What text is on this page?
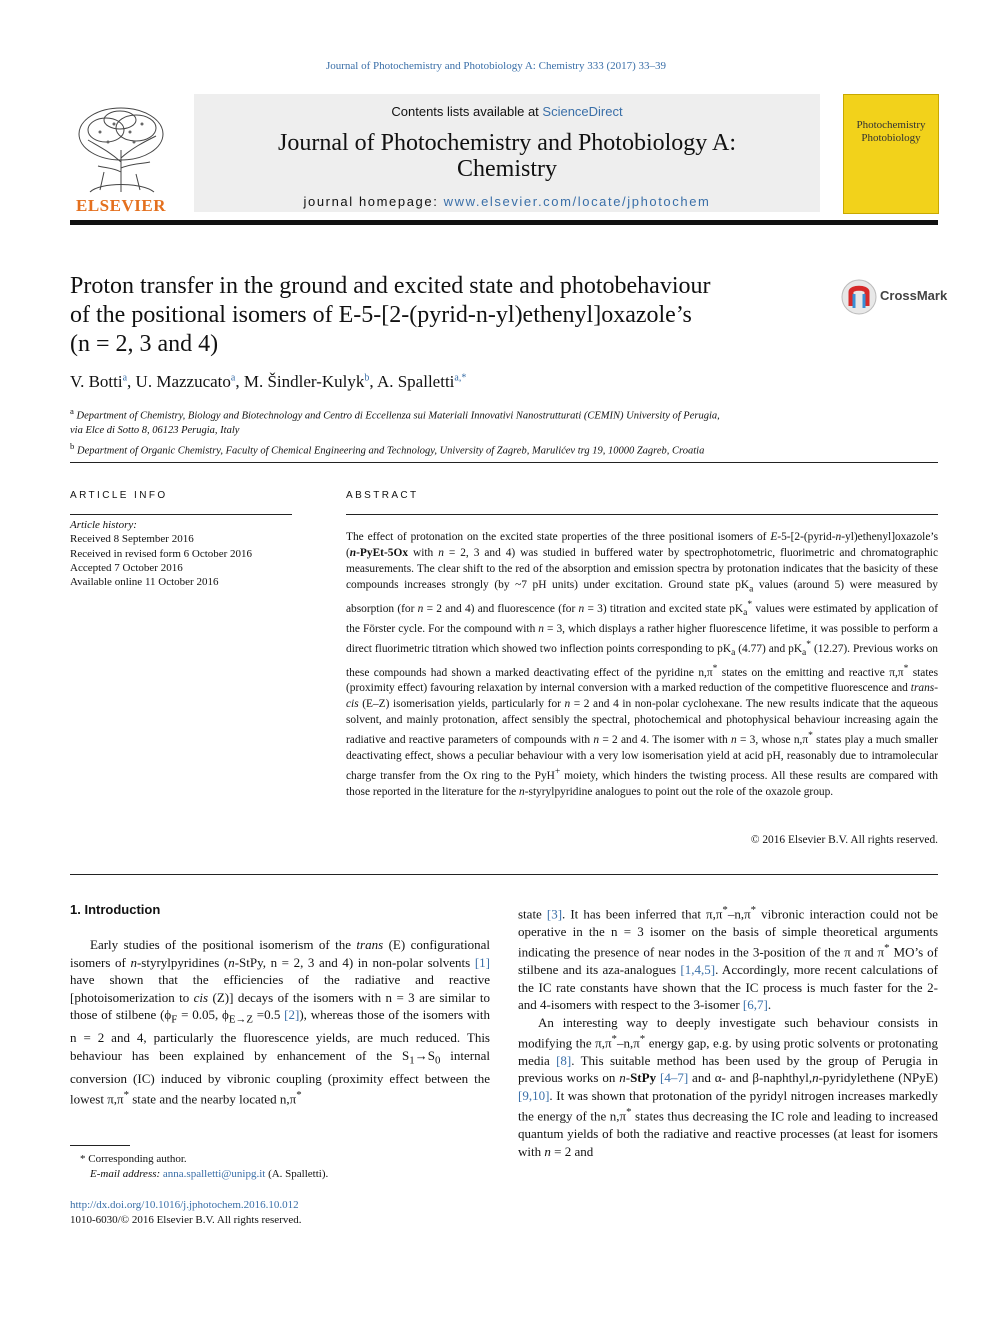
Journal of Photochemistry and Photobiology A: Chemistry 333 (2017) 33–39
ELSEVIER
Contents lists available at ScienceDirect
Journal of Photochemistry and Photobiology A:
Chemistry
journal homepage: www.elsevier.com/locate/jphotochem
Photochemistry
Photobiology
Proton transfer in the ground and excited state and photobehaviour
of the positional isomers of E-5-[2-(pyrid-n-yl)ethenyl]oxazole’s
(n = 2, 3 and 4)
CrossMark
V. Botti$^a$, U. Mazzucato$^a$, M. Šindler-Kulyk$^b$, A. Spalletti$^{a,*}$
$^a$ Department of Chemistry, Biology and Biotechnology and Centro di Eccellenza sui Materiali Innovativi Nanostrutturati (CEMIN) University of Perugia,
via Elce di Sotto 8, 06123 Perugia, Italy
$^b$ Department of Organic Chemistry, Faculty of Chemical Engineering and Technology, University of Zagreb, Marulićev trg 19, 10000 Zagreb, Croatia
ARTICLE INFO
Article history:
Received 8 September 2016
Received in revised form 6 October 2016
Accepted 7 October 2016
Available online 11 October 2016
ABSTRACT
The effect of protonation on the excited state properties of the three positional isomers of E-5-[2-(pyrid-n-yl)ethenyl]oxazole’s (n-PyEt-5Ox with n = 2, 3 and 4) was studied in buffered water by spectrophotometric, fluorimetric and chromatographic measurements. The clear shift to the red of the absorption and emission spectra by protonation indicates that the basicity of these compounds increases strongly (by ~7 pH units) under excitation. Ground state $pK_a$ values (around 5) were measured by absorption (for n = 2 and 4) and fluorescence (for n = 3) titration and excited state $pK_a^*$ values were estimated by application of the Förster cycle. For the compound with n = 3, which displays a rather higher fluorescence lifetime, it was possible to perform a direct fluorimetric titration which showed two inflection points corresponding to $pK_a$ (4.77) and $pK_a^*$ (12.27). Previous works on these compounds had shown a marked deactivating effect of the pyridine n,π* states on the emitting and reactive π,π* states (proximity effect) favouring relaxation by internal conversion with a marked reduction of the competitive fluorescence and trans-cis (E–Z) isomerisation yields, particularly for n = 2 and 4 in non-polar cyclohexane. The new results indicate that the aqueous solvent, and mainly protonation, affect sensibly the spectral, photochemical and photophysical behaviour increasing again the radiative and reactive parameters of compounds with n = 2 and 4. The isomer with n = 3, whose n,π* states play a much smaller deactivating effect, shows a peculiar behaviour with a very low isomerisation yield at acid pH, reasonably due to intramolecular charge transfer from the Ox ring to the PyH+ moiety, which hinders the twisting process. All these results are compared with those reported in the literature for the n-styrylpyridine analogues to point out the role of the oxazole group.
© 2016 Elsevier B.V. All rights reserved.
1. Introduction

Early studies of the positional isomerism of the trans (E) configurational isomers of n-styrylpyridines (n-StPy, n = 2, 3 and 4) in non-polar solvents [1] have shown that the efficiencies of the radiative and reactive [photoisomerization to cis (Z)] decays of the isomers with n = 3 are similar to those of stilbene ($\phi_F = 0.05$, $\phi_{E\to Z} =0.5$ [2]), whereas those of the isomers with n = 2 and 4, particularly the fluorescence yields, are much reduced. This behaviour has been explained by enhancement of the $S_1\to S_0$ internal conversion (IC) induced by vibronic coupling (proximity effect between the lowest π,π* state and the nearby located n,π*

state [3]. It has been inferred that π,π*–n,π* vibronic interaction could not be operative in the n = 3 isomer on the basis of simple theoretical arguments indicating the presence of near nodes in the 3-position of the π and π* MO’s of stilbene and its aza-analogues [1,4,5]. Accordingly, more recent calculations of the IC rate constants have shown that the IC process is much faster for the 2- and 4-isomers with respect to the 3-isomer [6,7].

An interesting way to deeply investigate such behaviour consists in modifying the π,π*–n,π* energy gap, e.g. by using protic solvents or protonating media [8]. This suitable method has been used by the group of Perugia in previous works on n-StPy [4–7] and α- and β-naphthyl,n-pyridylethene (NPyE) [9,10]. It was shown that protonation of the pyridyl nitrogen increases markedly the energy of the n,π* states thus decreasing the IC role and leading to increased quantum yields of both the radiative and reactive processes (at least for isomers with n = 2 and

* Corresponding author.
E-mail address: anna.spalletti@unipg.it (A. Spalletti).
http://dx.doi.org/10.1016/j.jphotochem.2016.10.012
1010-6030/© 2016 Elsevier B.V. All rights reserved.
